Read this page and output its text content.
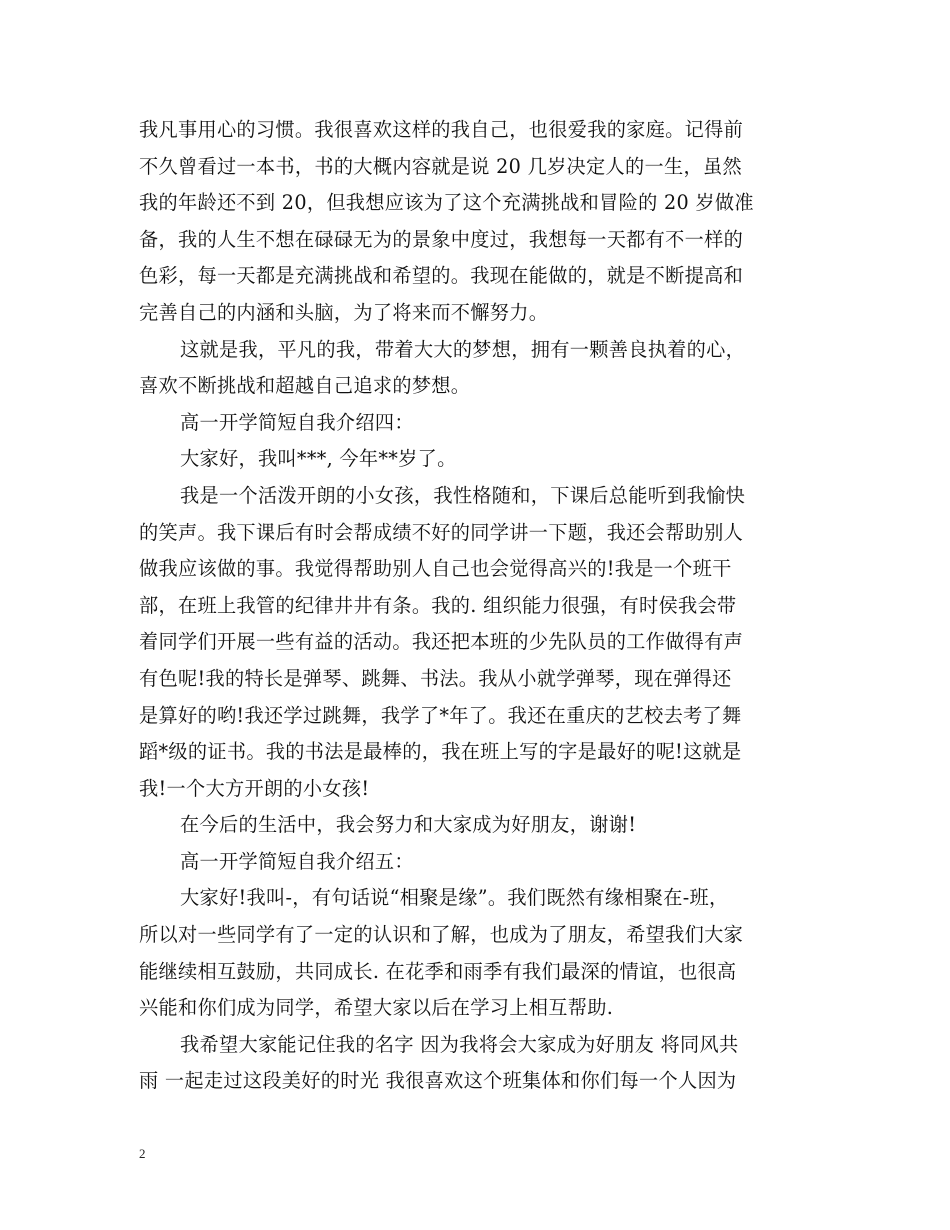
我凡事用心的习惯。我很喜欢这样的我自己，也很爱我的家庭。记得前
不久曾看过一本书，书的大概内容就是说 20 几岁决定人的一生，虽然
我的年龄还不到 20，但我想应该为了这个充满挑战和冒险的 20 岁做准
备，我的人生不想在碌碌无为的景象中度过，我想每一天都有不一样的
色彩，每一天都是充满挑战和希望的。我现在能做的，就是不断提高和
完善自己的内涵和头脑，为了将来而不懈努力。
这就是我，平凡的我，带着大大的梦想，拥有一颗善良执着的心，
喜欢不断挑战和超越自己追求的梦想。
高一开学简短自我介绍四：
大家好，我叫***, 今年**岁了。
我是一个活泼开朗的小女孩，我性格随和，下课后总能听到我愉快
的笑声。我下课后有时会帮成绩不好的同学讲一下题，我还会帮助别人
做我应该做的事。我觉得帮助别人自己也会觉得高兴的!我是一个班干
部，在班上我管的纪律井井有条。我的. 组织能力很强，有时侯我会带
着同学们开展一些有益的活动。我还把本班的少先队员的工作做得有声
有色呢!我的特长是弹琴、跳舞、书法。我从小就学弹琴，现在弹得还
是算好的哟!我还学过跳舞，我学了*年了。我还在重庆的艺校去考了舞
蹈*级的证书。我的书法是最棒的，我在班上写的字是最好的呢!这就是
我!一个大方开朗的小女孩!
在今后的生活中，我会努力和大家成为好朋友，谢谢!
高一开学简短自我介绍五：
大家好!我叫-，有句话说“相聚是缘”。我们既然有缘相聚在-班，
所以对一些同学有了一定的认识和了解，也成为了朋友，希望我们大家
能继续相互鼓励，共同成长. 在花季和雨季有我们最深的情谊，也很高
兴能和你们成为同学，希望大家以后在学习上相互帮助.
我希望大家能记住我的名字 因为我将会大家成为好朋友 将同风共
雨 一起走过这段美好的时光 我很喜欢这个班集体和你们每一个人因为
2
